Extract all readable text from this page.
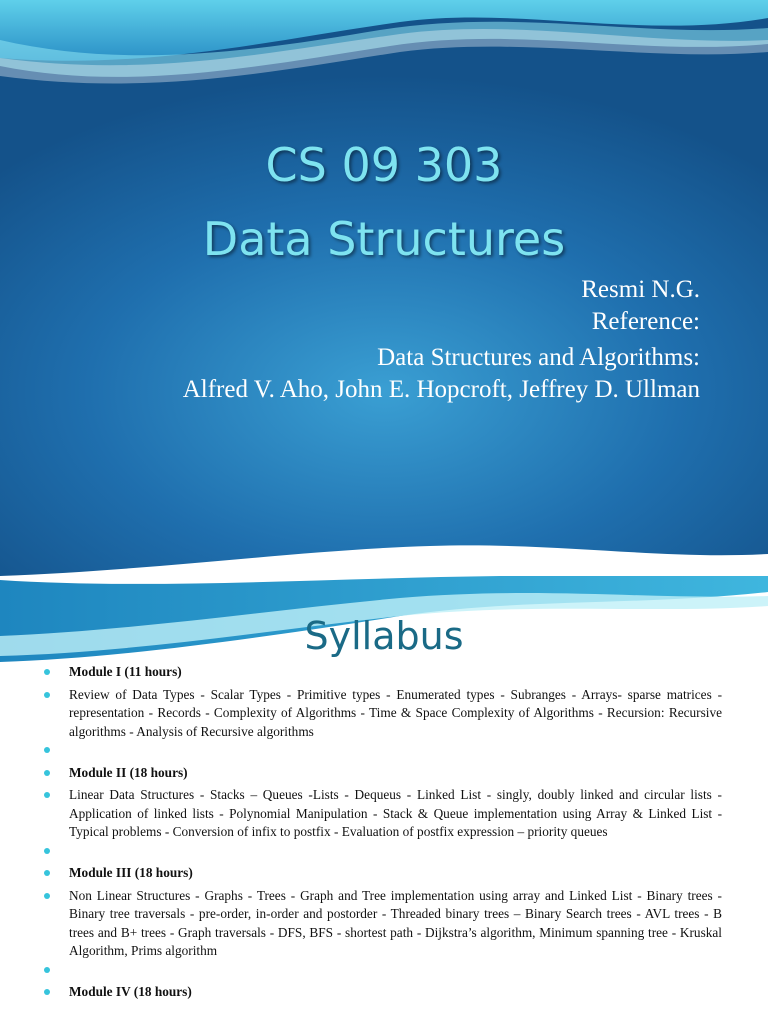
CS 09 303
Data Structures
Resmi N.G.
Reference:
Data Structures and Algorithms:
Alfred V. Aho, John E. Hopcroft, Jeffrey D. Ullman
Syllabus
Module I (11 hours)
Review of Data Types - Scalar Types - Primitive types - Enumerated types - Subranges - Arrays- sparse matrices - representation - Records - Complexity of Algorithms - Time & Space Complexity of Algorithms - Recursion: Recursive algorithms - Analysis of Recursive algorithms
Module II (18 hours)
Linear Data Structures - Stacks – Queues -Lists - Dequeus - Linked List - singly, doubly linked and circular lists - Application of linked lists - Polynomial Manipulation - Stack & Queue implementation using Array & Linked List - Typical problems - Conversion of infix to postfix - Evaluation of postfix expression – priority queues
Module III (18 hours)
Non Linear Structures - Graphs - Trees - Graph and Tree implementation using array and Linked List - Binary trees - Binary tree traversals - pre-order, in-order and postorder - Threaded binary trees – Binary Search trees - AVL trees - B trees and B+ trees - Graph traversals - DFS, BFS - shortest path - Dijkstra’s algorithm, Minimum spanning tree - Kruskal Algorithm, Prims algorithm
Module IV (18 hours)
